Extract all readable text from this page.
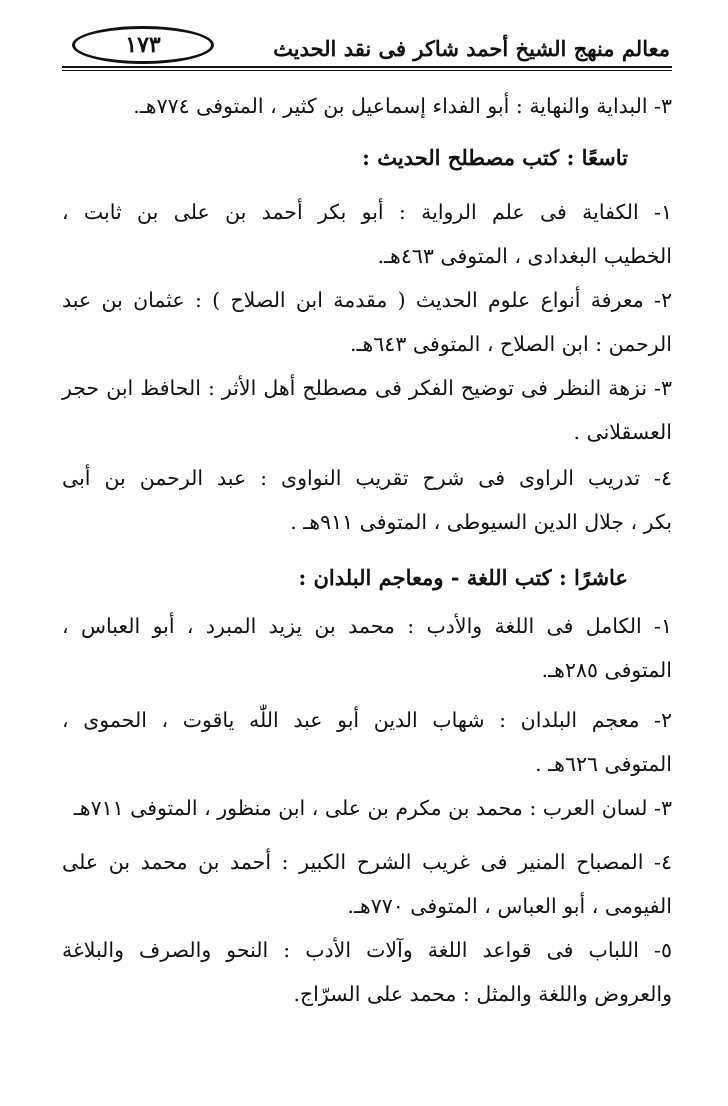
١٧٣	معالم منهج الشيخ أحمد شاكر فى نقد الحديث
٣- البداية والنهاية : أبو الفداء إسماعيل بن كثير ، المتوفى ٧٧٤هـ.
تاسعًا : كتب مصطلح الحديث :
١- الكفاية فى علم الرواية : أبو بكر أحمد بن على بن ثابت ،
الخطيب البغدادى ، المتوفى ٤٦٣هـ.
٢- معرفة أنواع علوم الحديث ( مقدمة ابن الصلاح ) : عثمان بن عبد
الرحمن : ابن الصلاح ، المتوفى ٦٤٣هـ.
٣- نزهة النظر فى توضيح الفكر فى مصطلح أهل الأثر : الحافظ ابن حجر
العسقلانى .
٤- تدريب الراوى فى شرح تقريب النواوى : عبد الرحمن بن أبى
بكر ، جلال الدين السيوطى ، المتوفى ٩١١هـ .
عاشرًا : كتب اللغة - ومعاجم البلدان :
١- الكامل فى اللغة والأدب : محمد بن يزيد المبرد ، أبو العباس ،
المتوفى ٢٨٥هـ.
٢- معجم البلدان : شهاب الدين أبو عبد اللّٰه ياقوت ، الحموى ،
المتوفى ٦٢٦هـ .
٣- لسان العرب : محمد بن مكرم بن على ، ابن منظور ، المتوفى ٧١١هـ
٤- المصباح المنير فى غريب الشرح الكبير : أحمد بن محمد بن على
الفيومى ، أبو العباس ، المتوفى ٧٧٠هـ.
٥- اللباب فى قواعد اللغة وآلات الأدب : النحو والصرف والبلاغة
والعروض واللغة والمثل : محمد على السرّاج.
